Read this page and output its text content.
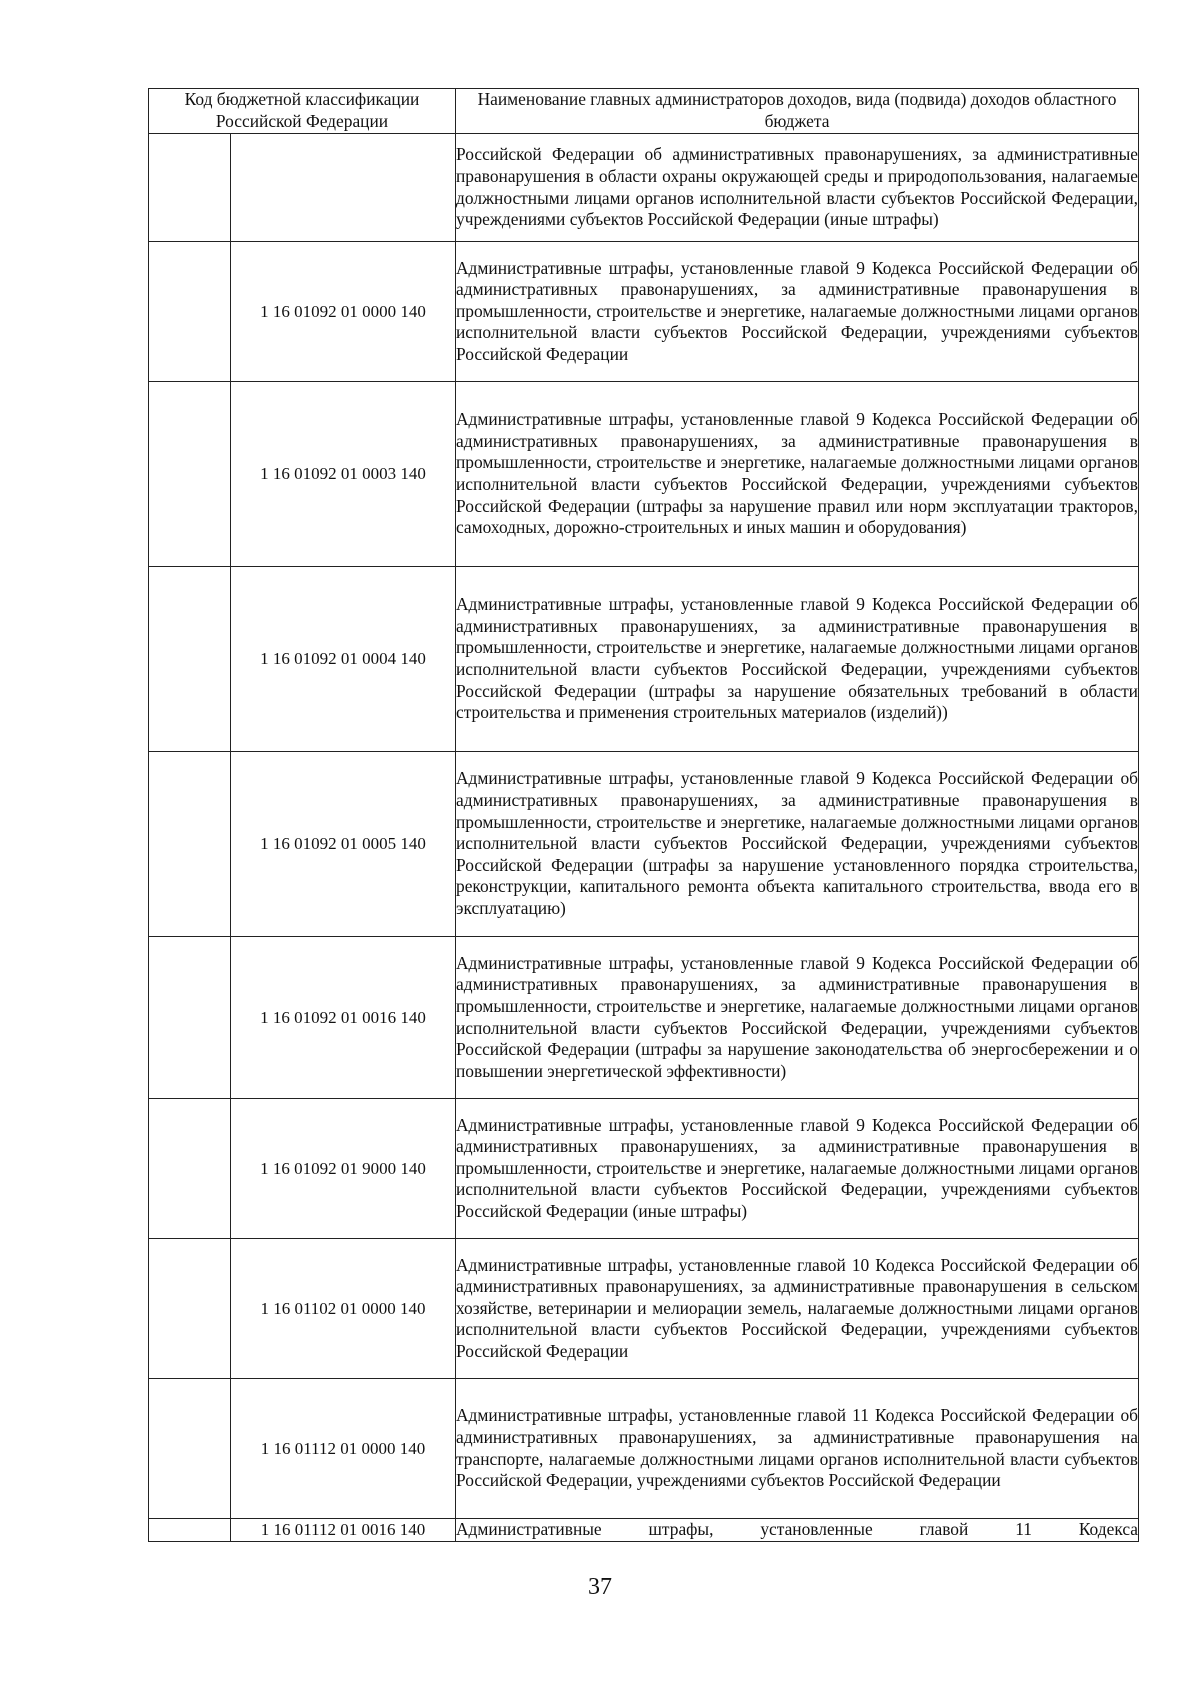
Код бюджетной классификации Российской Федерации		Наименование главных администраторов доходов, вида (подвида) доходов областного бюджета
		Российской Федерации об административных правонарушениях, за административные правонарушения в области охраны окружающей среды и природопользования, налагаемые должностными лицами органов исполнительной власти субъектов Российской Федерации, учреждениями субъектов Российской Федерации (иные штрафы)
	1 16 01092 01 0000 140	Административные штрафы, установленные главой 9 Кодекса Российской Федерации об административных правонарушениях, за административные правонарушения в промышленности, строительстве и энергетике, налагаемые должностными лицами органов исполнительной власти субъектов Российской Федерации, учреждениями субъектов Российской Федерации
	1 16 01092 01 0003 140	Административные штрафы, установленные главой 9 Кодекса Российской Федерации об административных правонарушениях, за административные правонарушения в промышленности, строительстве и энергетике, налагаемые должностными лицами органов исполнительной власти субъектов Российской Федерации, учреждениями субъектов Российской Федерации (штрафы за нарушение правил или норм эксплуатации тракторов, самоходных, дорожно-строительных и иных машин и оборудования)
	1 16 01092 01 0004 140	Административные штрафы, установленные главой 9 Кодекса Российской Федерации об административных правонарушениях, за административные правонарушения в промышленности, строительстве и энергетике, налагаемые должностными лицами органов исполнительной власти субъектов Российской Федерации, учреждениями субъектов Российской Федерации (штрафы за нарушение обязательных требований в области строительства и применения строительных материалов (изделий))
	1 16 01092 01 0005 140	Административные штрафы, установленные главой 9 Кодекса Российской Федерации об административных правонарушениях, за административные правонарушения в промышленности, строительстве и энергетике, налагаемые должностными лицами органов исполнительной власти субъектов Российской Федерации, учреждениями субъектов Российской Федерации (штрафы за нарушение установленного порядка строительства, реконструкции, капитального ремонта объекта капитального строительства, ввода его в эксплуатацию)
	1 16 01092 01 0016 140	Административные штрафы, установленные главой 9 Кодекса Российской Федерации об административных правонарушениях, за административные правонарушения в промышленности, строительстве и энергетике, налагаемые должностными лицами органов исполнительной власти субъектов Российской Федерации, учреждениями субъектов Российской Федерации (штрафы за нарушение законодательства об энергосбережении и о повышении энергетической эффективности)
	1 16 01092 01 9000 140	Административные штрафы, установленные главой 9 Кодекса Российской Федерации об административных правонарушениях, за административные правонарушения в промышленности, строительстве и энергетике, налагаемые должностными лицами органов исполнительной власти субъектов Российской Федерации, учреждениями субъектов Российской Федерации (иные штрафы)
	1 16 01102 01 0000 140	Административные штрафы, установленные главой 10 Кодекса Российской Федерации об административных правонарушениях, за административные правонарушения в сельском хозяйстве, ветеринарии и мелиорации земель, налагаемые должностными лицами органов исполнительной власти субъектов Российской Федерации, учреждениями субъектов Российской Федерации
	1 16 01112 01 0000 140	Административные штрафы, установленные главой 11 Кодекса Российской Федерации об административных правонарушениях, за административные правонарушения на транспорте, налагаемые должностными лицами органов исполнительной власти субъектов Российской Федерации, учреждениями субъектов Российской Федерации
	1 16 01112 01 0016 140	Административные штрафы, установленные главой 11 Кодекса
37
